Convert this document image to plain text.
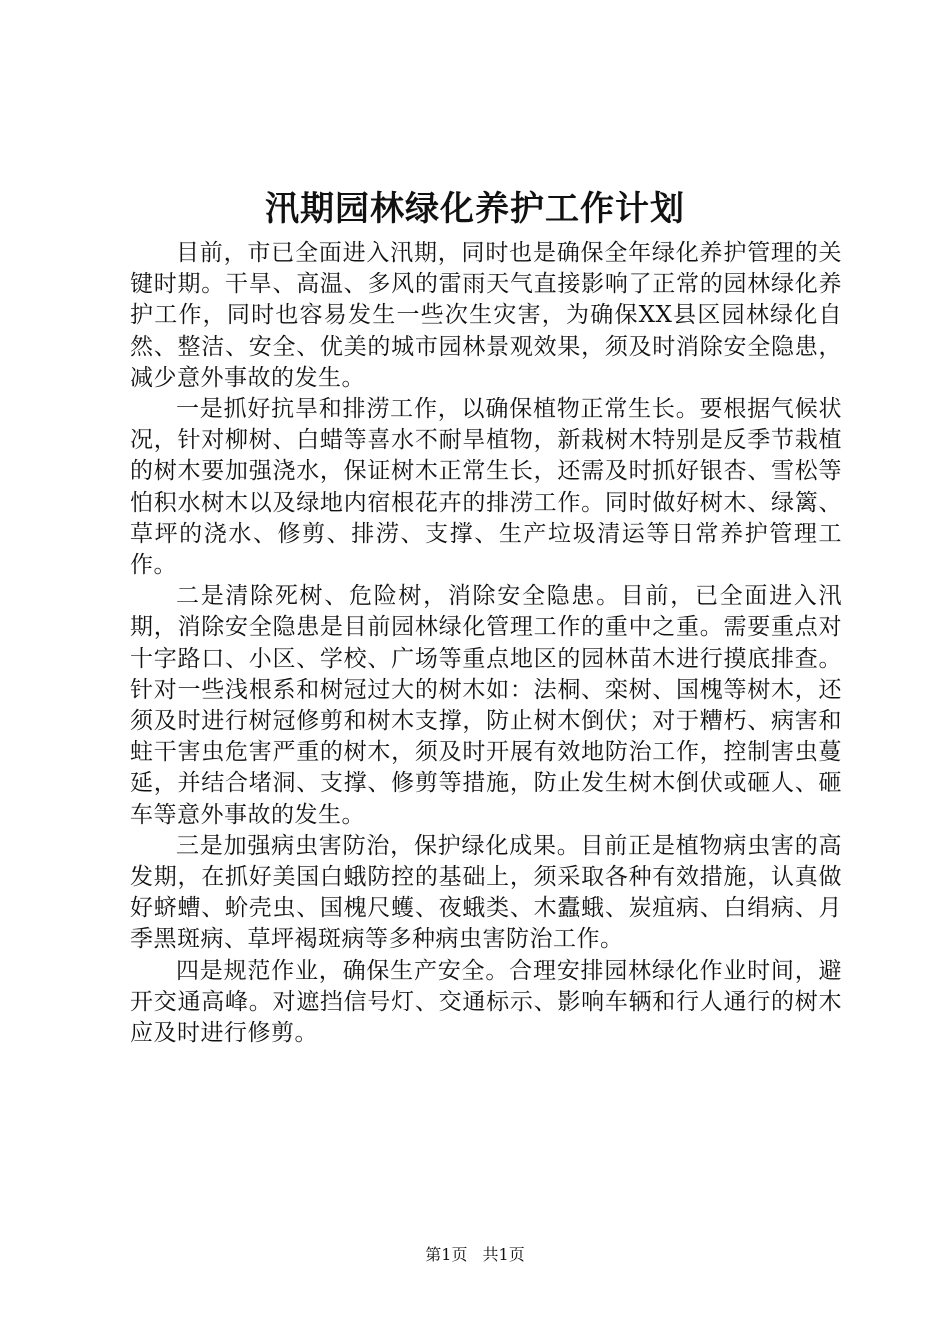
汛期园林绿化养护工作计划

目前，市已全面进入汛期，同时也是确保全年绿化养护管理的关键时期。干旱、高温、多风的雷雨天气直接影响了正常的园林绿化养护工作，同时也容易发生一些次生灾害，为确保XX县区园林绿化自然、整洁、安全、优美的城市园林景观效果，须及时消除安全隐患，减少意外事故的发生。

一是抓好抗旱和排涝工作，以确保植物正常生长。要根据气候状况，针对柳树、白蜡等喜水不耐旱植物，新栽树木特别是反季节栽植的树木要加强浇水，保证树木正常生长，还需及时抓好银杏、雪松等怕积水树木以及绿地内宿根花卉的排涝工作。同时做好树木、绿篱、草坪的浇水、修剪、排涝、支撑、生产垃圾清运等日常养护管理工作。

二是清除死树、危险树，消除安全隐患。目前，已全面进入汛期，消除安全隐患是目前园林绿化管理工作的重中之重。需要重点对十字路口、小区、学校、广场等重点地区的园林苗木进行摸底排查。针对一些浅根系和树冠过大的树木如：法桐、栾树、国槐等树木，还须及时进行树冠修剪和树木支撑，防止树木倒伏；对于糟朽、病害和蛀干害虫危害严重的树木，须及时开展有效地防治工作，控制害虫蔓延，并结合堵洞、支撑、修剪等措施，防止发生树木倒伏或砸人、砸车等意外事故的发生。

三是加强病虫害防治，保护绿化成果。目前正是植物病虫害的高发期，在抓好美国白蛾防控的基础上，须采取各种有效措施，认真做好蛴螬、蚧壳虫、国槐尺蠖、夜蛾类、木蠹蛾、炭疽病、白绢病、月季黑斑病、草坪褐斑病等多种病虫害防治工作。

四是规范作业，确保生产安全。合理安排园林绿化作业时间，避开交通高峰。对遮挡信号灯、交通标示、影响车辆和行人通行的树木应及时进行修剪。

第1页 共1页
